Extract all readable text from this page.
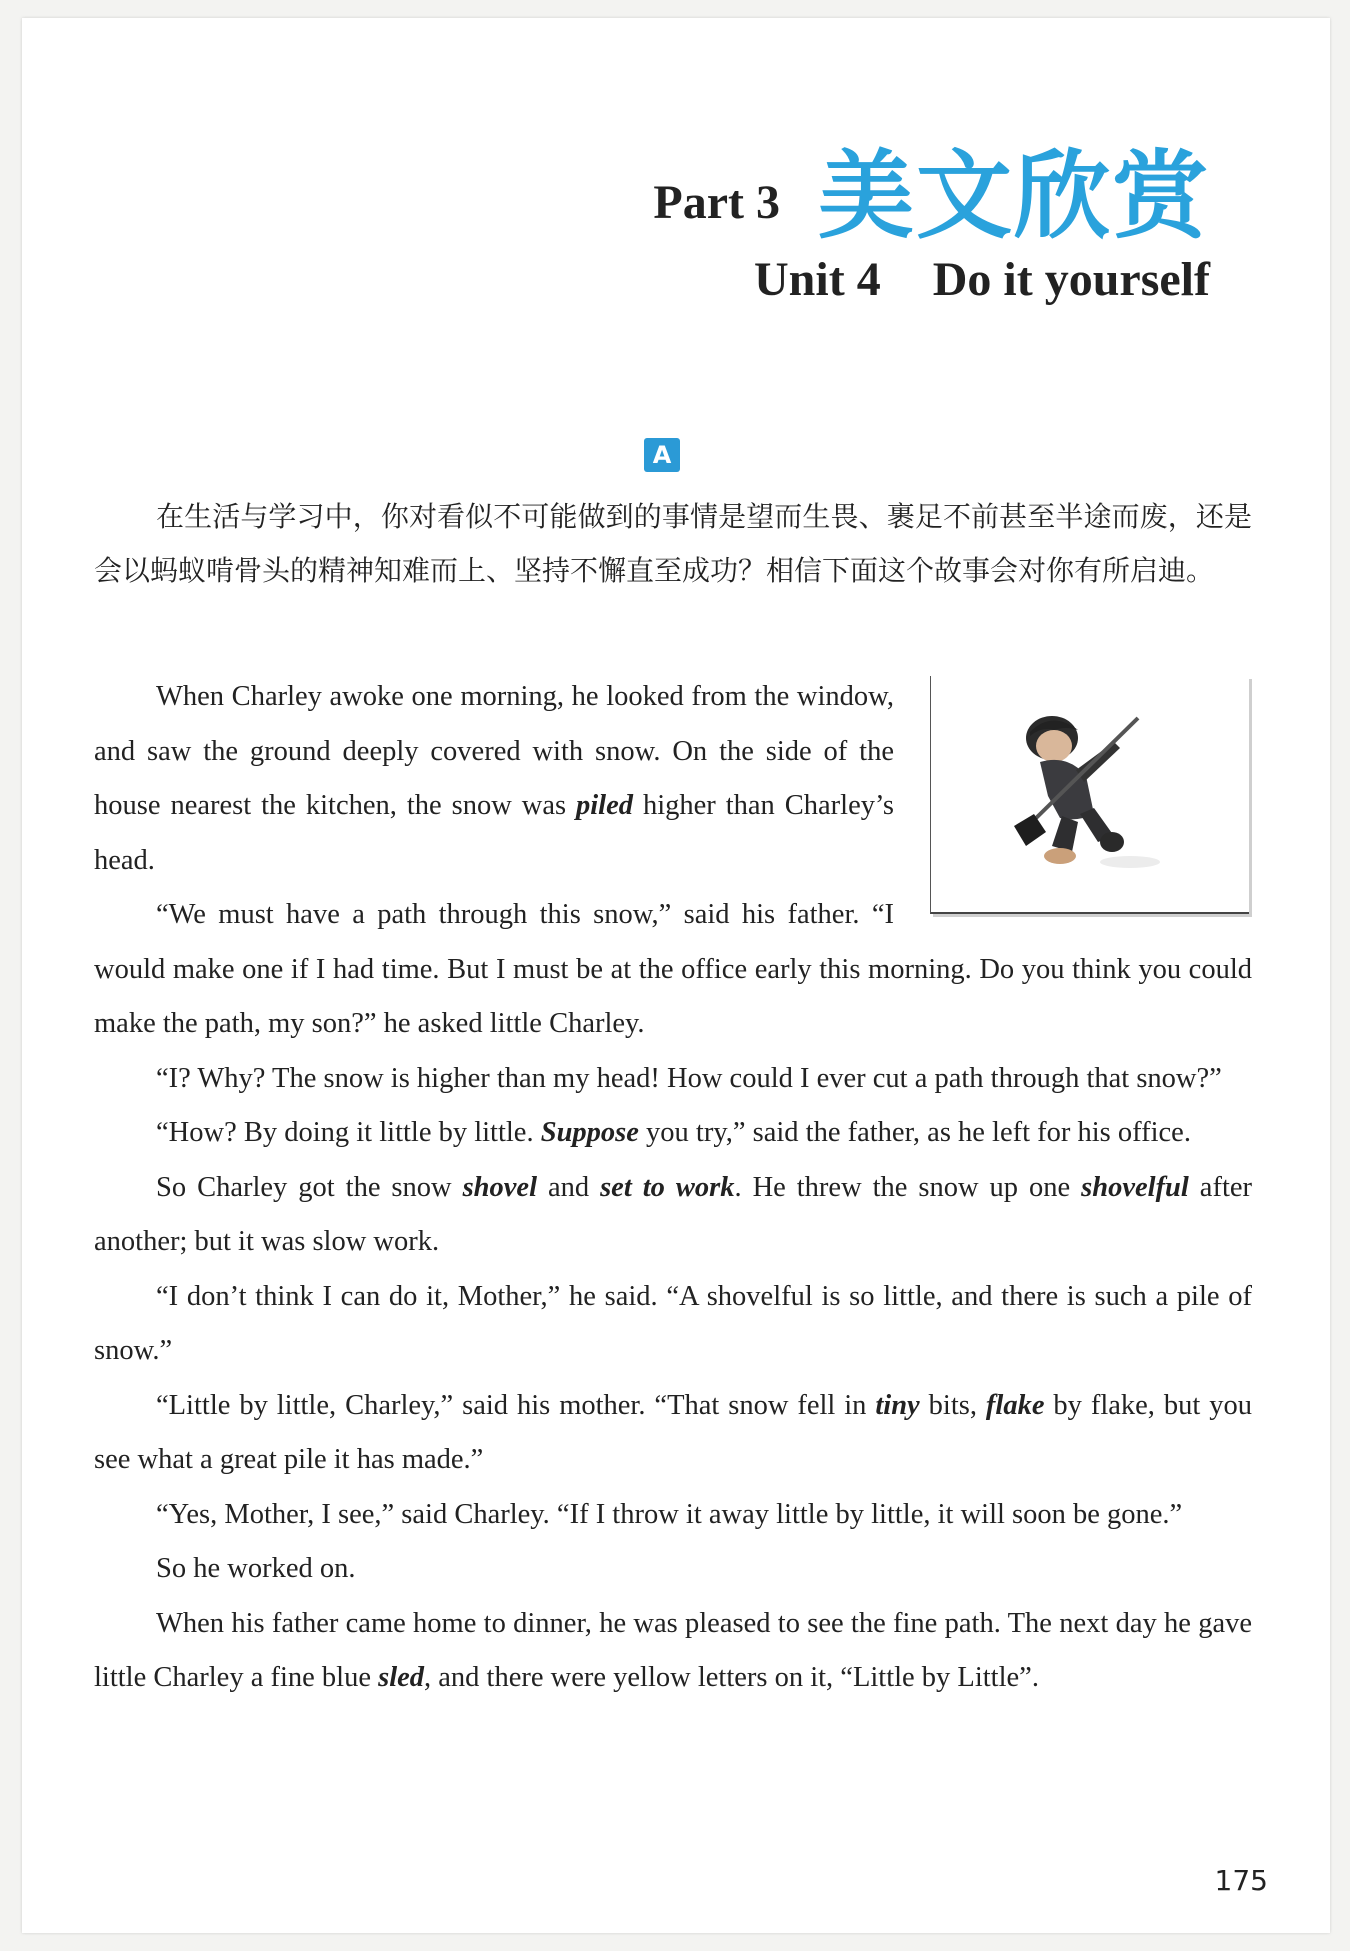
Part 3 美文欣赏
Unit 4 Do it yourself
A

在生活与学习中，你对看似不可能做到的事情是望而生畏、裹足不前甚至半途而废，还是会以蚂蚁啃骨头的精神知难而上、坚持不懈直至成功？相信下面这个故事会对你有所启迪。

When Charley awoke one morning, he looked from the window, and saw the ground deeply covered with snow. On the side of the house nearest the kitchen, the snow was piled higher than Charley’s head.

“We must have a path through this snow,” said his father. “I would make one if I had time. But I must be at the office early this morning. Do you think you could make the path, my son?” he asked little Charley.

“I? Why? The snow is higher than my head! How could I ever cut a path through that snow?”

“How? By doing it little by little. Suppose you try,” said the father, as he left for his office.

So Charley got the snow shovel and set to work. He threw the snow up one shovelful after another; but it was slow work.

“I don’t think I can do it, Mother,” he said. “A shovelful is so little, and there is such a pile of snow.”

“Little by little, Charley,” said his mother. “That snow fell in tiny bits, flake by flake, but you see what a great pile it has made.”

“Yes, Mother, I see,” said Charley. “If I throw it away little by little, it will soon be gone.”

So he worked on.

When his father came home to dinner, he was pleased to see the fine path. The next day he gave little Charley a fine blue sled, and there were yellow letters on it, “Little by Little”.

175
